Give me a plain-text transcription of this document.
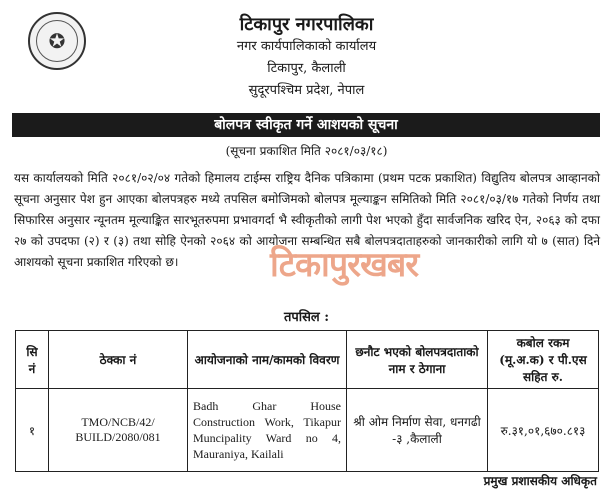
✪
टिकापुर नगरपालिका
नगर कार्यपालिकाको कार्यालय
टिकापुर, कैलाली
सुदूरपश्चिम प्रदेश, नेपाल
बोलपत्र स्वीकृत गर्ने आशयको सूचना
(सूचना प्रकाशित मिति २०८१/०३/१८)

यस कार्यालयको मिति २०८१/०२/०४ गतेको हिमालय टाईम्स राष्ट्रिय दैनिक पत्रिकामा (प्रथम पटक प्रकाशित) विद्युतिय बोलपत्र आव्हानको सूचना अनुसार पेश हुन आएका बोलपत्रहरु मध्ये तपसिल बमोजिमको बोलपत्र मूल्याङ्कन समितिको मिति २०८१/०३/१७ गतेको निर्णय तथा सिफारिस अनुसार न्यूनतम मूल्याङ्कित सारभूतरुपमा प्रभावगर्दा भै स्वीकृतीको लागी पेश भएको हुँदा सार्वजनिक खरिद ऐन, २०६३ को दफा २७ को उपदफा (२) र (३) तथा सोहि ऐनको २०६४ को आयोजना सम्बन्धित सबै बोलपत्रदाताहरुको जानकारीको लागि यो ७ (सात) दिने आशयको सूचना प्रकाशित गरिएको छ।	टिकापुरखबर
तपसिल :
सि नं	ठेक्का नं	आयोजनाको नाम/कामको विवरण	छनौट भएको बोलपत्रदाताको नाम र ठेगाना	कबोल रकम (मू.अ.क) र पी.एस सहित रु.
१	TMO/NCB/42/ BUILD/2080/081	Badh Ghar House Construction Work, Tikapur Muncipality Ward no 4, Mauraniya, Kailali	श्री ओम निर्माण सेवा, धनगढी -३ ,कैलाली	रु.३१,०१,६७०.८१३
प्रमुख प्रशासकीय अधिकृत
